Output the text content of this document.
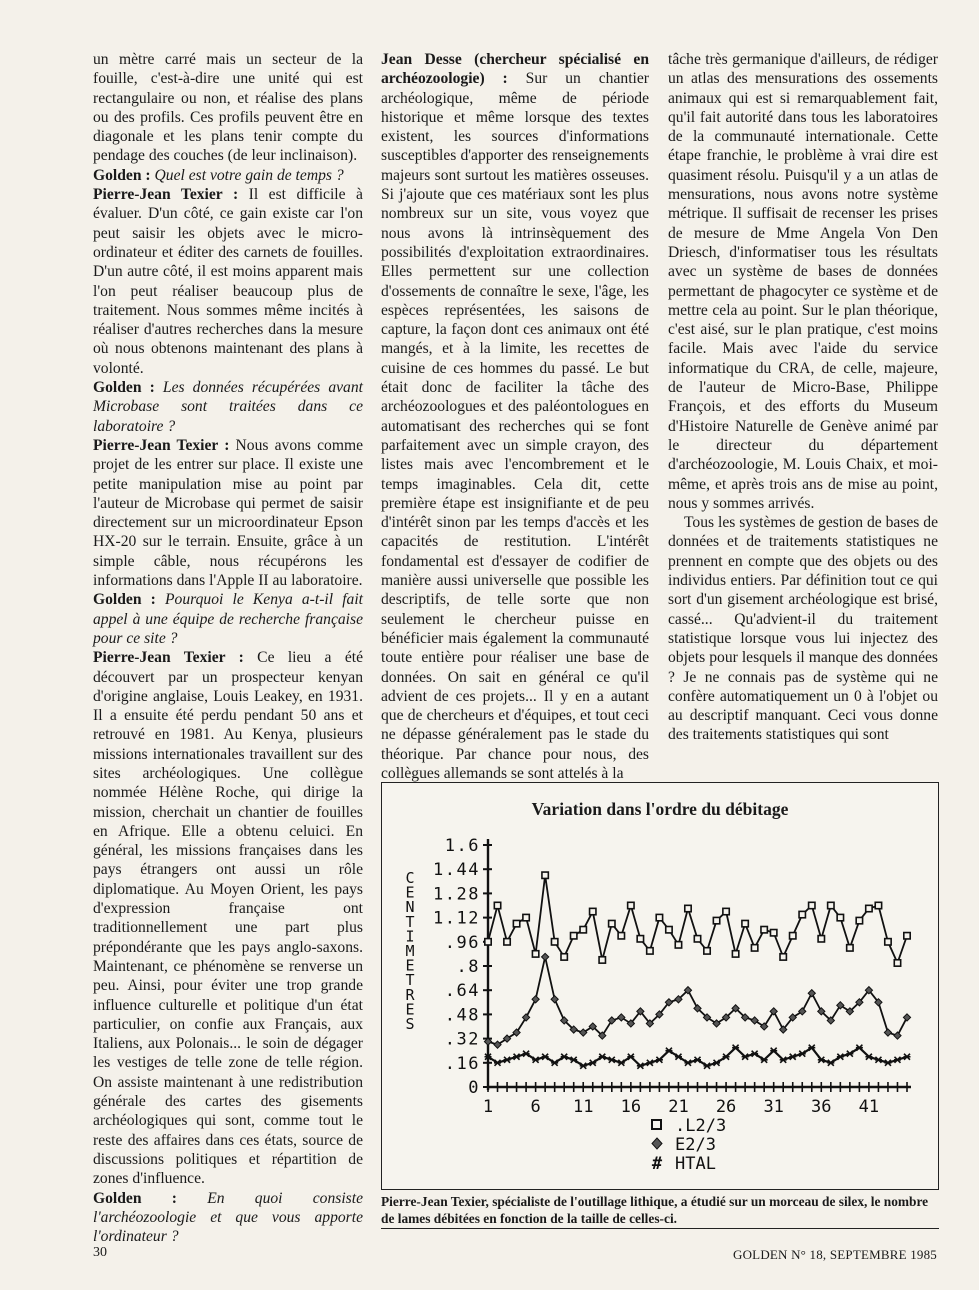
un mètre carré mais un secteur de la fouille, c'est-à-dire une unité qui est rectangulaire ou non, et réalise des plans ou des profils. Ces profils peuvent être en diagonale et les plans tenir compte du pendage des couches (de leur inclinaison).

Golden : Quel est votre gain de temps ?

Pierre-Jean Texier : Il est difficile à évaluer. D'un côté, ce gain existe car l'on peut saisir les objets avec le micro-ordinateur et éditer des carnets de fouilles. D'un autre côté, il est moins apparent mais l'on peut réaliser beaucoup plus de traitement. Nous sommes même incités à réaliser d'autres recherches dans la mesure où nous obtenons maintenant des plans à volonté.

Golden : Les données récupérées avant Microbase sont traitées dans ce laboratoire ?

Pierre-Jean Texier : Nous avons comme projet de les entrer sur place. Il existe une petite manipulation mise au point par l'auteur de Microbase qui permet de saisir directement sur un microordinateur Epson HX-20 sur le terrain. Ensuite, grâce à un simple câble, nous récupérons les informations dans l'Apple II au laboratoire.

Golden : Pourquoi le Kenya a-t-il fait appel à une équipe de recherche française pour ce site ?

Pierre-Jean Texier : Ce lieu a été découvert par un prospecteur kenyan d'origine anglaise, Louis Leakey, en 1931. Il a ensuite été perdu pendant 50 ans et retrouvé en 1981. Au Kenya, plusieurs missions internationales travaillent sur des sites archéologiques. Une collègue nommée Hélène Roche, qui dirige la mission, cherchait un chantier de fouilles en Afrique. Elle a obtenu celuici. En général, les missions françaises dans les pays étrangers ont aussi un rôle diplomatique. Au Moyen Orient, les pays d'expression française ont traditionnellement une part plus prépondérante que les pays anglo-saxons. Maintenant, ce phénomène se renverse un peu. Ainsi, pour éviter une trop grande influence culturelle et politique d'un état particulier, on confie aux Français, aux Italiens, aux Polonais... le soin de dégager les vestiges de telle zone de telle région. On assiste maintenant à une redistribution générale des cartes des gisements archéologiques qui sont, comme tout le reste des affaires dans ces états, source de discussions politiques et répartition de zones d'influence.

Golden : En quoi consiste l'archéozoologie et que vous apporte l'ordinateur ?

Jean Desse (chercheur spécialisé en archéozoologie) : Sur un chantier archéologique, même de période historique et même lorsque des textes existent, les sources d'informations susceptibles d'apporter des renseignements majeurs sont surtout les matières osseuses. Si j'ajoute que ces matériaux sont les plus nombreux sur un site, vous voyez que nous avons là intrinsèquement des possibilités d'exploitation extraordinaires. Elles permettent sur une collection d'ossements de connaître le sexe, l'âge, les espèces représentées, les saisons de capture, la façon dont ces animaux ont été mangés, et à la limite, les recettes de cuisine de ces hommes du passé. Le but était donc de faciliter la tâche des archéozoologues et des paléontologues en automatisant des recherches qui se font parfaitement avec un simple crayon, des listes mais avec l'encombrement et le temps imaginables. Cela dit, cette première étape est insignifiante et de peu d'intérêt sinon par les temps d'accès et les capacités de restitution. L'intérêt fondamental est d'essayer de codifier de manière aussi universelle que possible les descriptifs, de telle sorte que non seulement le chercheur puisse en bénéficier mais également la communauté toute entière pour réaliser une base de données. On sait en général ce qu'il advient de ces projets... Il y en a autant que de chercheurs et d'équipes, et tout ceci ne dépasse généralement pas le stade du théorique. Par chance pour nous, des collègues allemands se sont attelés à la

tâche très germanique d'ailleurs, de rédiger un atlas des mensurations des ossements animaux qui est si remarquablement fait, qu'il fait autorité dans tous les laboratoires de la communauté internationale. Cette étape franchie, le problème à vrai dire est quasiment résolu. Puisqu'il y a un atlas de mensurations, nous avons notre système métrique. Il suffisait de recenser les prises de mesure de Mme Angela Von Den Driesch, d'informatiser tous les résultats avec un système de bases de données permettant de phagocyter ce système et de mettre cela au point. Sur le plan théorique, c'est aisé, sur le plan pratique, c'est moins facile. Mais avec l'aide du service informatique du CRA, de celle, majeure, de l'auteur de Micro-Base, Philippe François, et des efforts du Museum d'Histoire Naturelle de Genève animé par le directeur du département d'archéozoologie, M. Louis Chaix, et moi-même, et après trois ans de mise au point, nous y sommes arrivés.

Tous les systèmes de gestion de bases de données et de traitements statistiques ne prennent en compte que des objets ou des individus entiers. Par définition tout ce qui sort d'un gisement archéologique est brisé, cassé... Qu'advient-il du traitement statistique lorsque vous lui injectez des objets pour lesquels il manque des données ? Je ne connais pas de système qui ne confère automatiquement un 0 à l'objet ou au descriptif manquant. Ceci vous donne des traitements statistiques qui sont

Variation dans l'ordre du débitage
0
.16
.32
.48
.64
.8
.96
1.12
1.28
1.44
1.6
1 6 11 16 21 26 31 36 41
C
E
N
T
I
M
E
T
R
E
S
.L2/3
E2/3
# HTAL
Pierre-Jean Texier, spécialiste de l'outillage lithique, a étudié sur un morceau de silex, le nombre de lames débitées en fonction de la taille de celles-ci.
30	GOLDEN N° 18, SEPTEMBRE 1985
